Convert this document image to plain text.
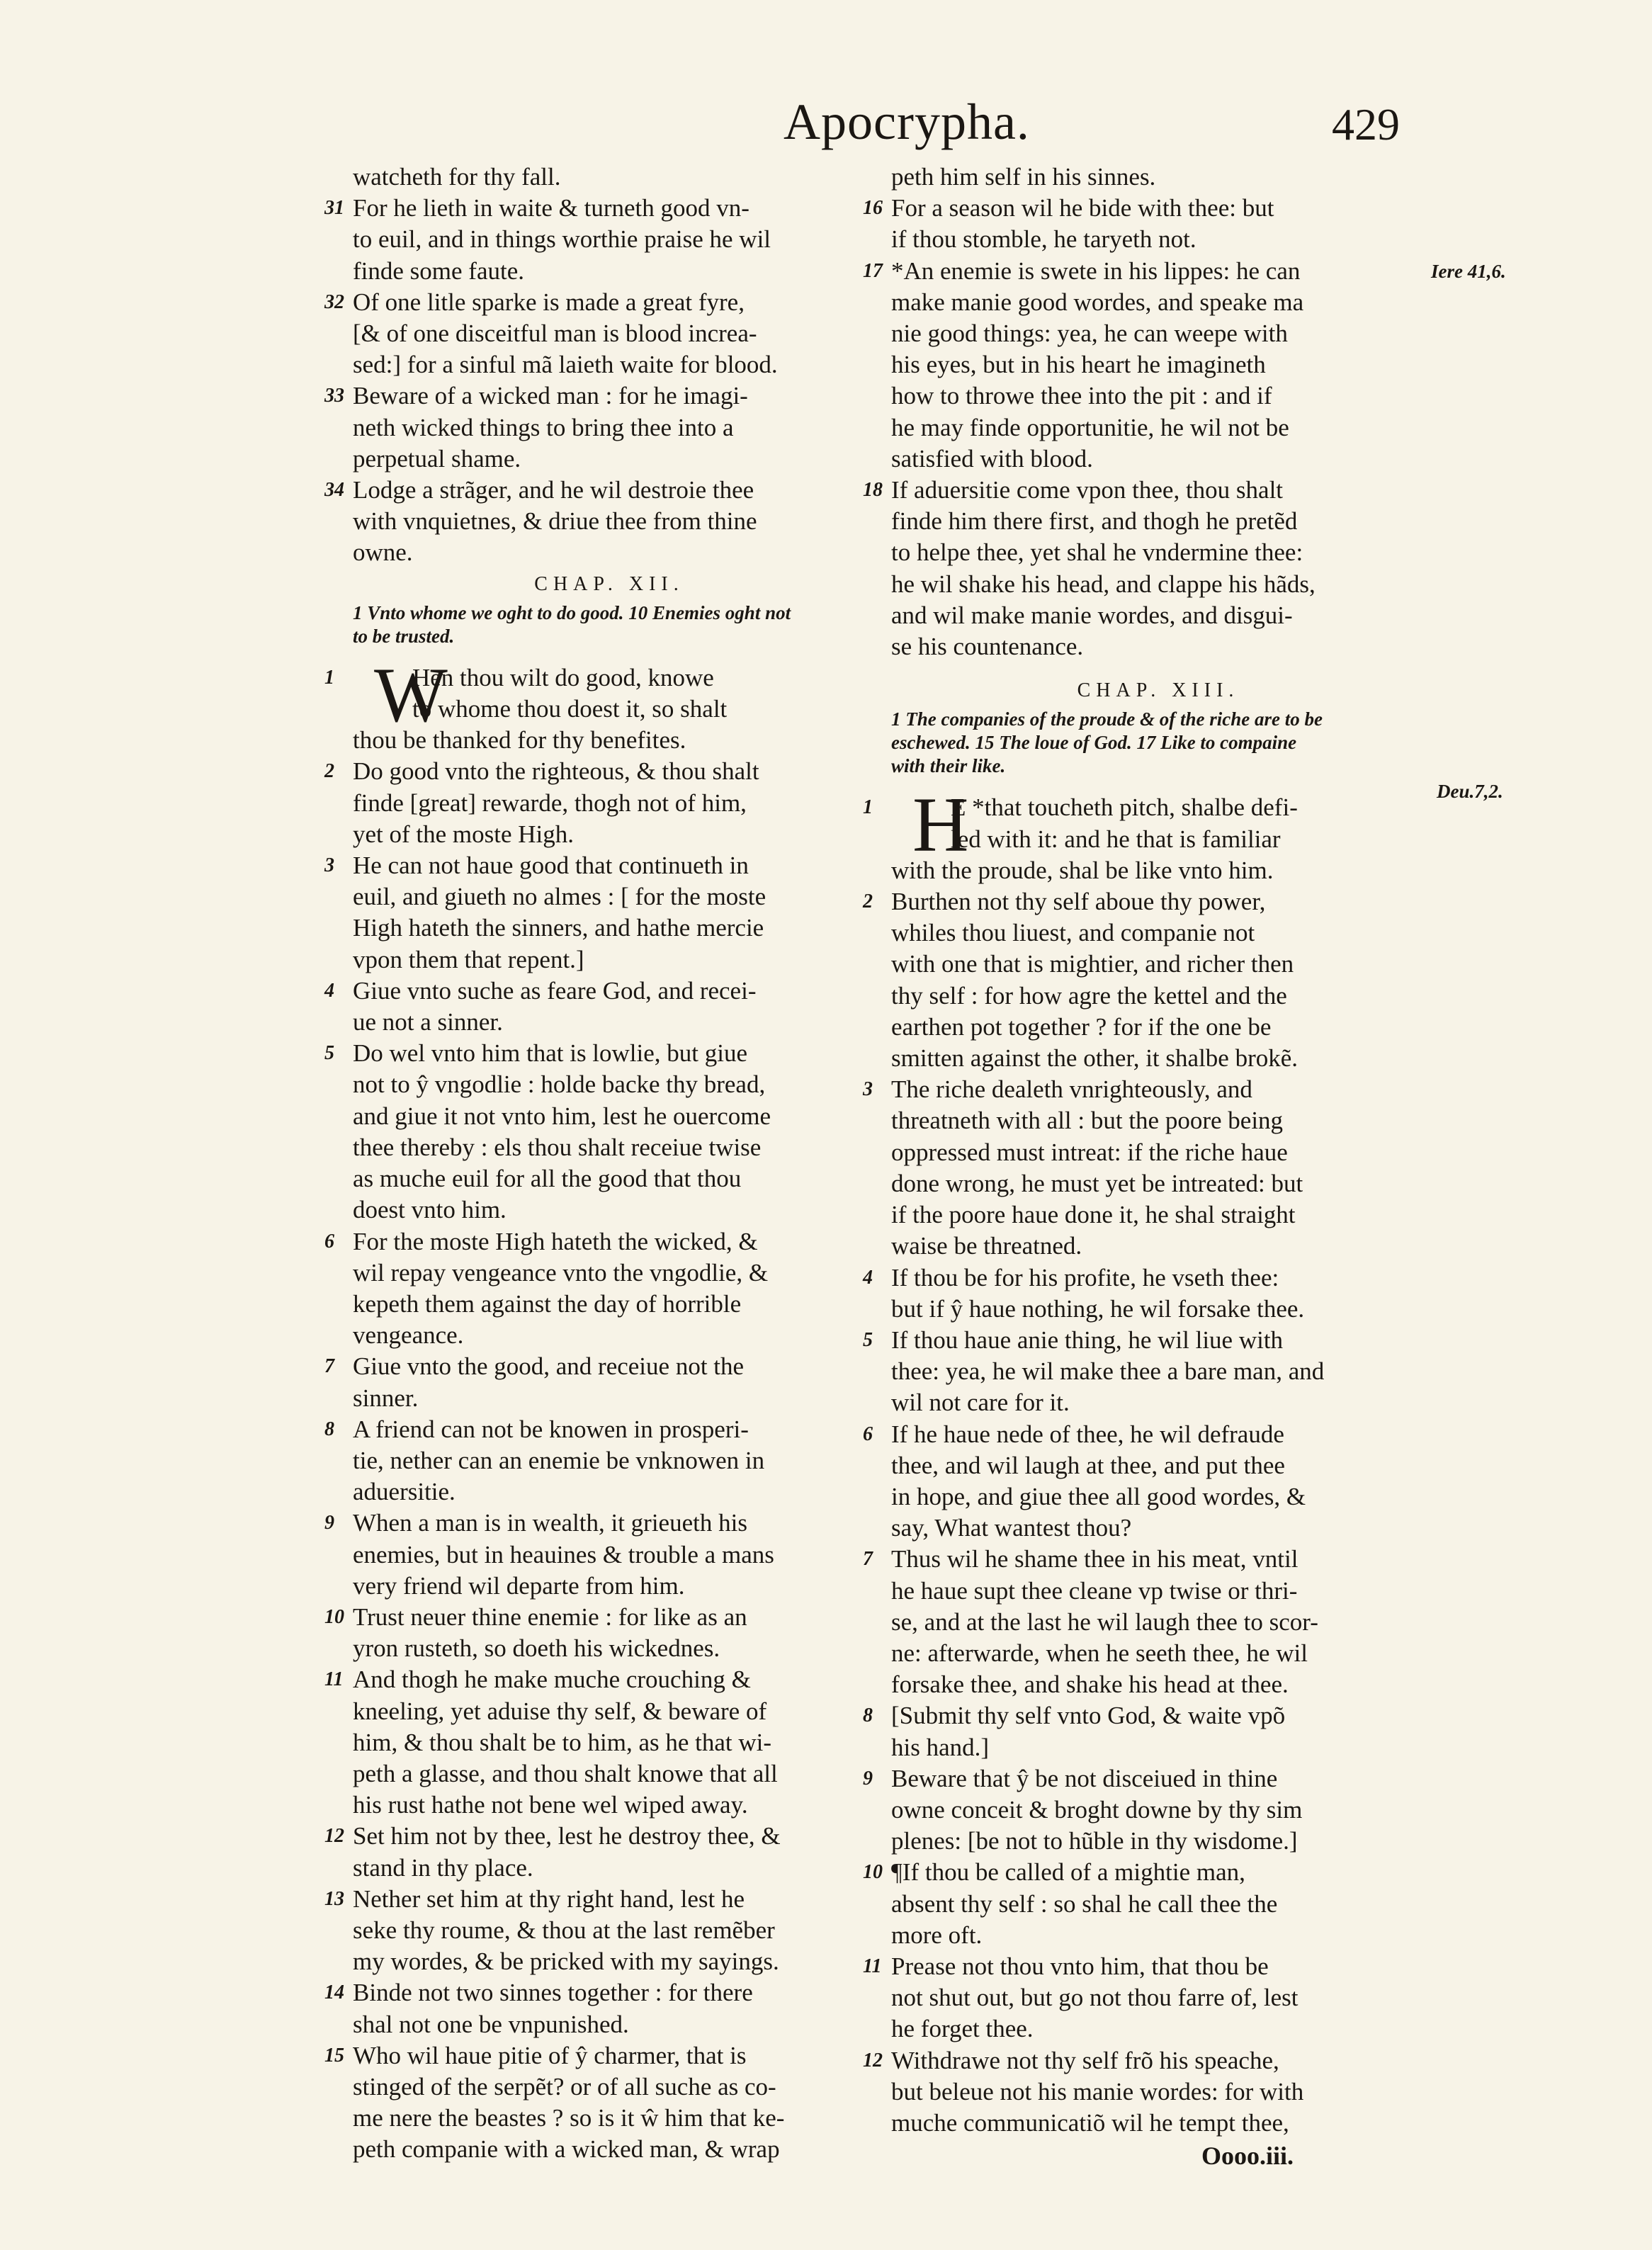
Apocrypha.	429
watcheth for thy fall.
For he lieth in waite & turneth good vn-
31
to euil, and in things worthie praise he wil
finde some faute.
Of one litle sparke is made a great fyre,
32
[& of one disceitful man is blood increa-
sed:] for a sinful mã laieth waite for blood.
Beware of a wicked man : for he imagi-
33
neth wicked things to bring thee into a
perpetual shame.
Lodge a strãger, and he wil destroie thee
34
with vnquietnes, & driue thee from thine
owne.
CHAP. XII.
1 Vnto whome we oght to do good. 10 Enemies oght not
to be trusted.
Hen thou wilt do good, knowe
1 W
to whome thou doest it, so shalt
thou be thanked for thy benefites.
Do good vnto the righteous, & thou shalt
2
finde [great] rewarde, thogh not of him,
yet of the moste High.
He can not haue good that continueth in
3
euil, and giueth no almes : [ for the moste
High hateth the sinners, and hathe mercie
vpon them that repent.]
Giue vnto suche as feare God, and recei-
4
ue not a sinner.
Do wel vnto him that is lowlie, but giue
5
not to ŷ vngodlie : holde backe thy bread,
and giue it not vnto him, lest he ouercome
thee thereby : els thou shalt receiue twise
as muche euil for all the good that thou
doest vnto him.
For the moste High hateth the wicked, &
6
wil repay vengeance vnto the vngodlie, &
kepeth them against the day of horrible
vengeance.
Giue vnto the good, and receiue not the
7
sinner.
A friend can not be knowen in prosperi-
8
tie, nether can an enemie be vnknowen in
aduersitie.
When a man is in wealth, it grieueth his
9
enemies, but in heauines & trouble a mans
very friend wil departe from him.
Trust neuer thine enemie : for like as an
10
yron rusteth, so doeth his wickednes.
And thogh he make muche crouching &
11
kneeling, yet aduise thy self, & beware of
him, & thou shalt be to him, as he that wi-
peth a glasse, and thou shalt knowe that all
his rust hathe not bene wel wiped away.
Set him not by thee, lest he destroy thee, &
12
stand in thy place.
Nether set him at thy right hand, lest he
13
seke thy roume, & thou at the last remẽber
my wordes, & be pricked with my sayings.
Binde not two sinnes together : for there
14
shal not one be vnpunished.
Who wil haue pitie of ŷ charmer, that is
15
stinged of the serpẽt? or of all suche as co-
me nere the beastes ? so is it ŵ him that ke-
peth companie with a wicked man, & wrap
peth him self in his sinnes.
For a season wil he bide with thee: but
16
if thou stomble, he taryeth not.
*An enemie is swete in his lippes: he can
17
make manie good wordes, and speake ma
nie good things: yea, he can weepe with
his eyes, but in his heart he imagineth
how to throwe thee into the pit : and if
he may finde opportunitie, he wil not be
satisfied with blood.
If aduersitie come vpon thee, thou shalt
18
finde him there first, and thogh he pretẽd
to helpe thee, yet shal he vndermine thee:
he wil shake his head, and clappe his hãds,
and wil make manie wordes, and disgui-
se his countenance.
CHAP. XIII.
1 The companies of the proude & of the riche are to be
eschewed. 15 The loue of God. 17 Like to compaine
with their like.
E *that toucheth pitch, shalbe defi-
1 H
led with it: and he that is familiar
with the proude, shal be like vnto him.
Burthen not thy self aboue thy power,
2
whiles thou liuest, and companie not
with one that is mightier, and richer then
thy self : for how agre the kettel and the
earthen pot together ? for if the one be
smitten against the other, it shalbe brokẽ.
The riche dealeth vnrighteously, and
3
threatneth with all : but the poore being
oppressed must intreat: if the riche haue
done wrong, he must yet be intreated: but
if the poore haue done it, he shal straight
waise be threatned.
If thou be for his profite, he vseth thee:
4
but if ŷ haue nothing, he wil forsake thee.
If thou haue anie thing, he wil liue with
5
thee: yea, he wil make thee a bare man, and
wil not care for it.
If he haue nede of thee, he wil defraude
6
thee, and wil laugh at thee, and put thee
in hope, and giue thee all good wordes, &
say, What wantest thou?
Thus wil he shame thee in his meat, vntil
7
he haue supt thee cleane vp twise or thri-
se, and at the last he wil laugh thee to scor-
ne: afterwarde, when he seeth thee, he wil
forsake thee, and shake his head at thee.
[Submit thy self vnto God, & waite vpõ
8
his hand.]
Beware that ŷ be not disceiued in thine
9
owne conceit & broght downe by thy sim
plenes: [be not to hũble in thy wisdome.]
¶If thou be called of a mightie man,
10
absent thy self : so shal he call thee the
more oft.
Prease not thou vnto him, that thou be
11
not shut out, but go not thou farre of, lest
he forget thee.
Withdrawe not thy self frõ his speache,
12
but beleue not his manie wordes: for with
muche communicatiõ wil he tempt thee,
Iere 41,6.
Deu.7,2.
Oooo.iii.
